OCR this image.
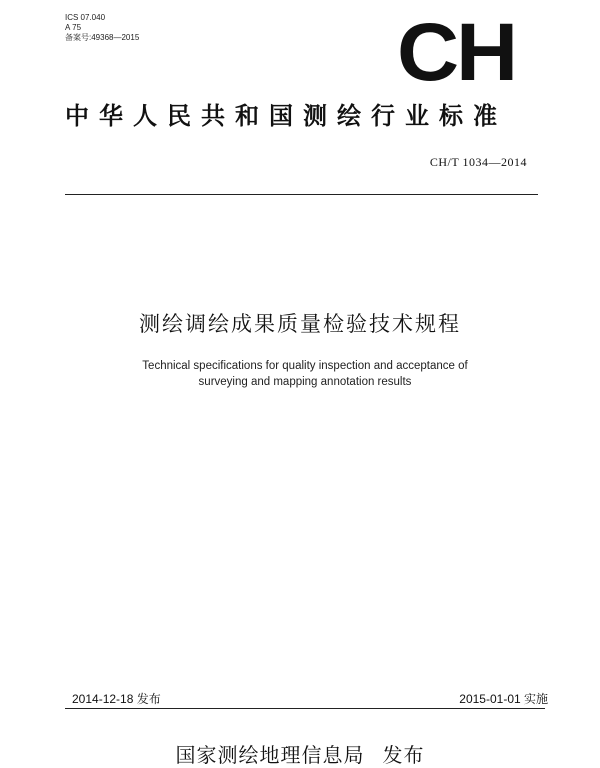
ICS 07.040
A 75
备案号:49368—2015	CH
中华人民共和国测绘行业标准
CH/T 1034—2014
测绘调绘成果质量检验技术规程
Technical specifications for quality inspection and acceptance of
surveying and mapping annotation results
2014-12-18 发布	2015-01-01 实施
国家测绘地理信息局 发布
